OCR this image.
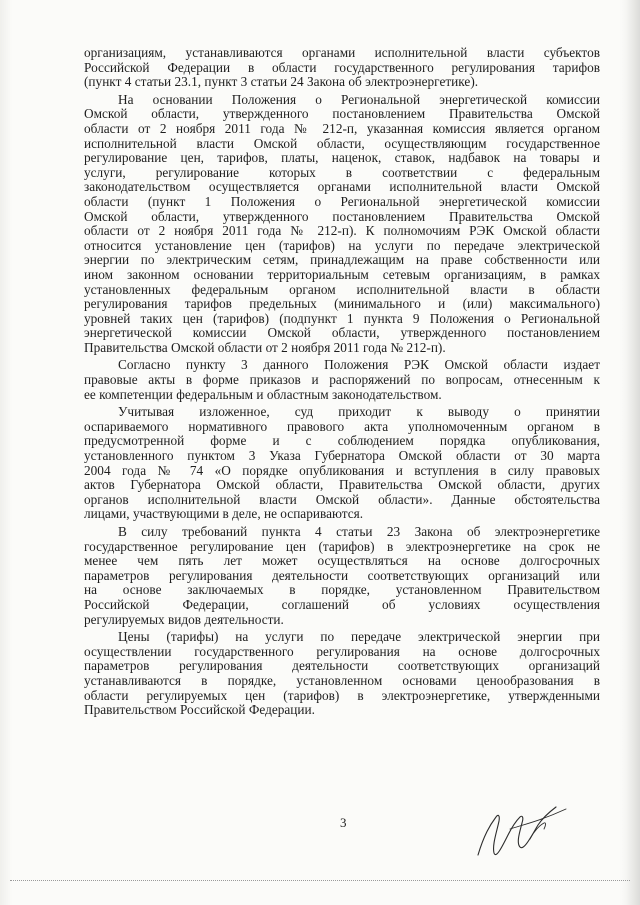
организациям, устанавливаются органами исполнительной власти субъектов
Российской Федерации в области государственного регулирования тарифов
(пункт 4 статьи 23.1, пункт 3 статьи 24 Закона об электроэнергетике).

На основании Положения о Региональной энергетической комиссии
Омской области, утвержденного постановлением Правительства Омской
области от 2 ноября 2011 года № 212-п, указанная комиссия является органом
исполнительной власти Омской области, осуществляющим государственное
регулирование цен, тарифов, платы, наценок, ставок, надбавок на товары и
услуги, регулирование которых в соответствии с федеральным
законодательством осуществляется органами исполнительной власти Омской
области (пункт 1 Положения о Региональной энергетической комиссии
Омской области, утвержденного постановлением Правительства Омской
области от 2 ноября 2011 года № 212-п). К полномочиям РЭК Омской области
относится установление цен (тарифов) на услуги по передаче электрической
энергии по электрическим сетям, принадлежащим на праве собственности или
ином законном основании территориальным сетевым организациям, в рамках
установленных федеральным органом исполнительной власти в области
регулирования тарифов предельных (минимального и (или) максимального)
уровней таких цен (тарифов) (подпункт 1 пункта 9 Положения о Региональной
энергетической комиссии Омской области, утвержденного постановлением
Правительства Омской области от 2 ноября 2011 года № 212-п).

Согласно пункту 3 данного Положения РЭК Омской области издает
правовые акты в форме приказов и распоряжений по вопросам, отнесенным к
ее компетенции федеральным и областным законодательством.

Учитывая изложенное, суд приходит к выводу о принятии
оспариваемого нормативного правового акта уполномоченным органом в
предусмотренной форме и с соблюдением порядка опубликования,
установленного пунктом 3 Указа Губернатора Омской области от 30 марта
2004 года № 74 «О порядке опубликования и вступления в силу правовых
актов Губернатора Омской области, Правительства Омской области, других
органов исполнительной власти Омской области». Данные обстоятельства
лицами, участвующими в деле, не оспариваются.

В силу требований пункта 4 статьи 23 Закона об электроэнергетике
государственное регулирование цен (тарифов) в электроэнергетике на срок не
менее чем пять лет может осуществляться на основе долгосрочных
параметров регулирования деятельности соответствующих организаций или
на основе заключаемых в порядке, установленном Правительством
Российской Федерации, соглашений об условиях осуществления
регулируемых видов деятельности.

Цены (тарифы) на услуги по передаче электрической энергии при
осуществлении государственного регулирования на основе долгосрочных
параметров регулирования деятельности соответствующих организаций
устанавливаются в порядке, установленном основами ценообразования в
области регулируемых цен (тарифов) в электроэнергетике, утвержденными
Правительством Российской Федерации.

3
